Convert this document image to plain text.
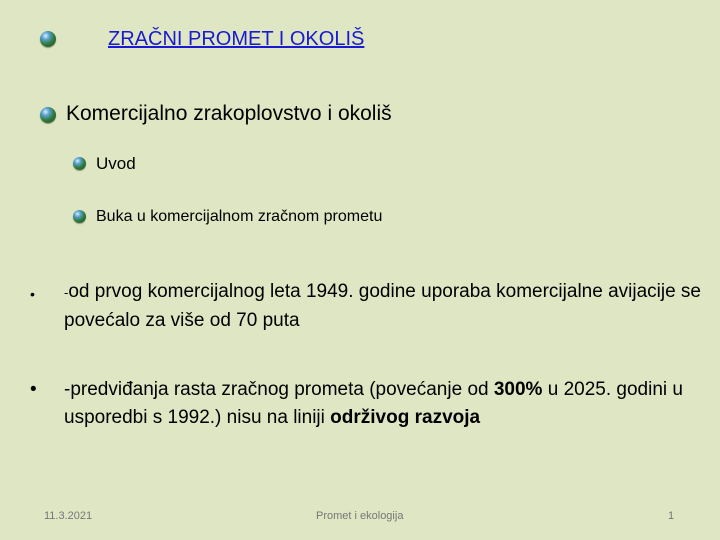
ZRAČNI PROMET I OKOLIŠ
Komercijalno zrakoplovstvo i okoliš
Uvod
Buka u komercijalnom zračnom prometu
• -od prvog komercijalnog leta 1949. godine uporaba komercijalne avijacije se povećalo za više od 70 puta
• -predviđanja rasta zračnog prometa (povećanje od 300% u 2025. godini u usporedbi s 1992.) nisu na liniji održivog razvoja
11.3.2021	Promet i ekologija	1
